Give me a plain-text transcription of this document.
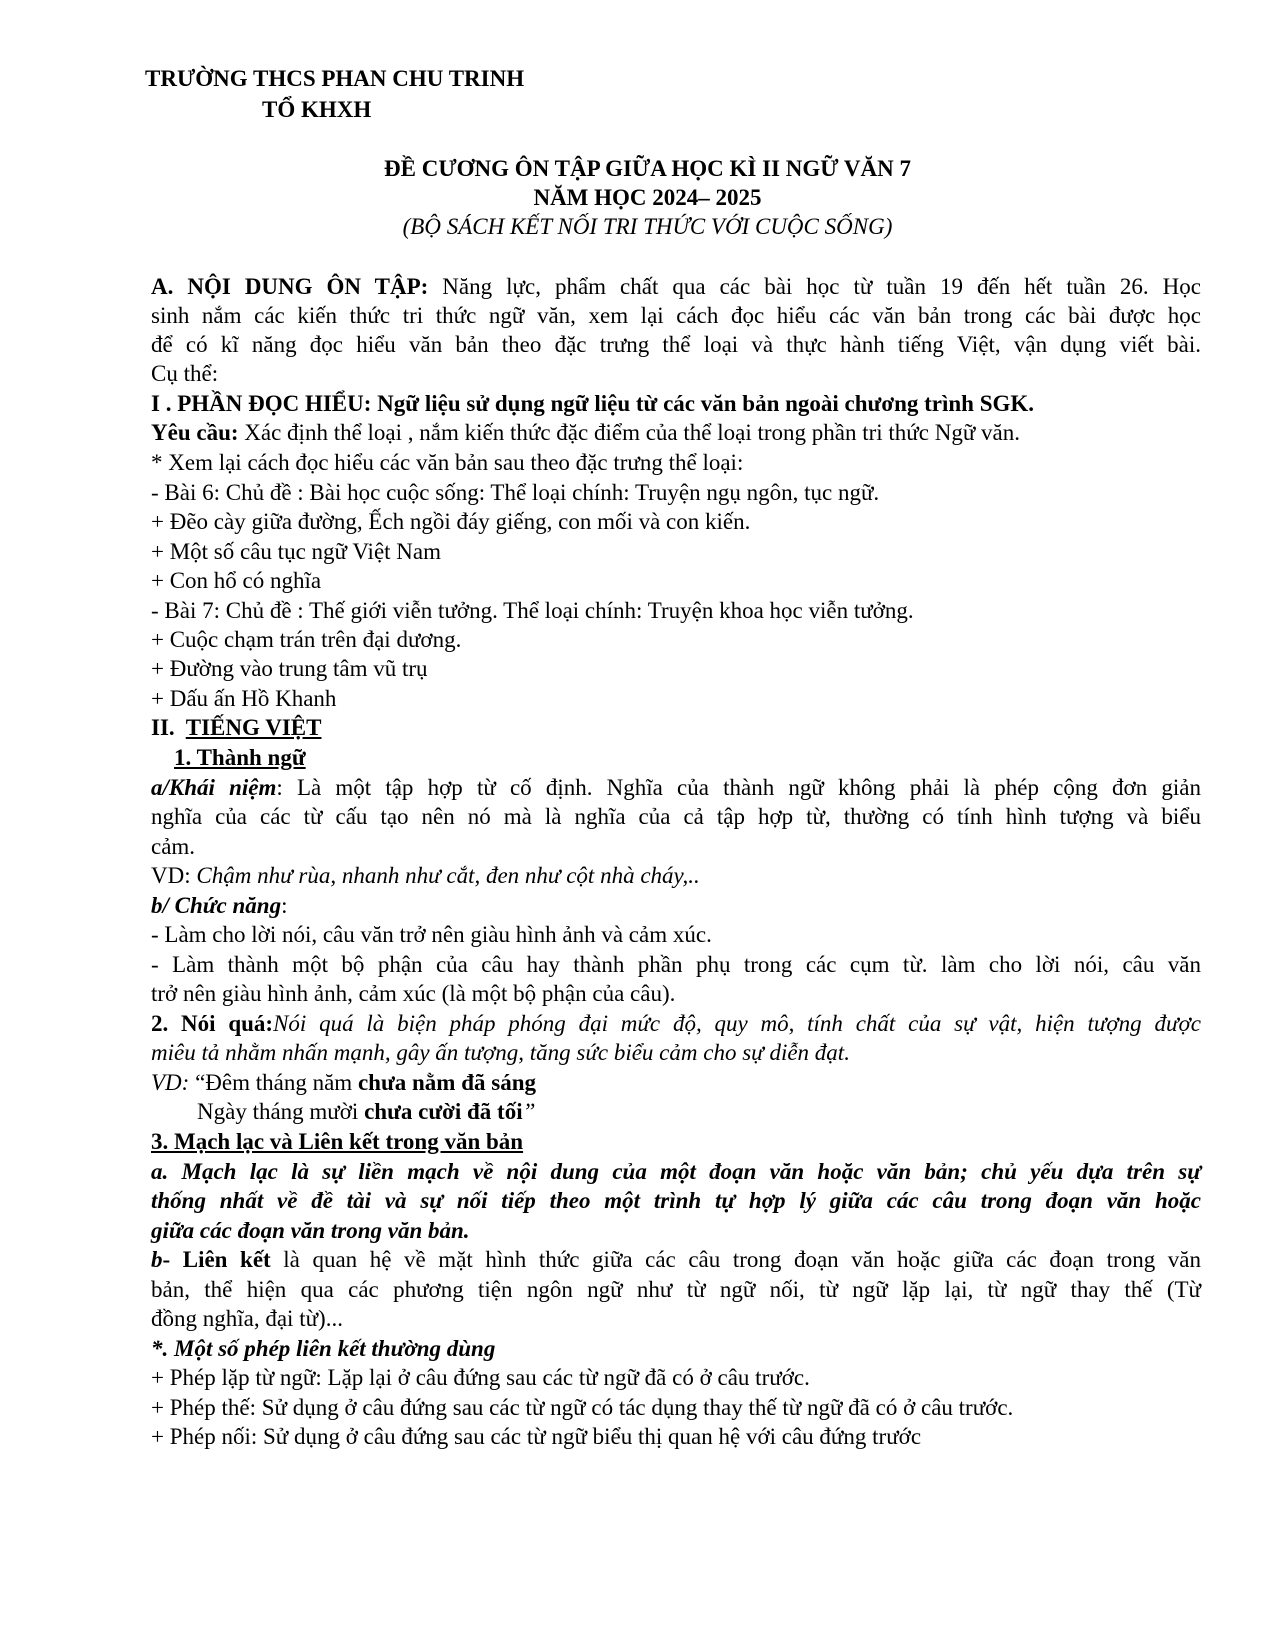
TRƯỜNG THCS PHAN CHU TRINH
TỔ KHXH
ĐỀ CƯƠNG ÔN TẬP GIỮA HỌC KÌ II NGỮ VĂN 7
NĂM HỌC 2024– 2025
(BỘ SÁCH KẾT NỐI TRI THỨC VỚI CUỘC SỐNG)
A. NỘI DUNG ÔN TẬP: Năng lực, phẩm chất qua các bài học từ tuần 19 đến hết tuần 26. Học
sinh nắm các kiến thức tri thức ngữ văn, xem lại cách đọc hiểu các văn bản trong các bài được học
để có kĩ năng đọc hiểu văn bản theo đặc trưng thể loại và thực hành tiếng Việt, vận dụng viết bài.
Cụ thể:
I . PHẦN ĐỌC HIỂU: Ngữ liệu sử dụng ngữ liệu từ các văn bản ngoài chương trình SGK.
Yêu cầu: Xác định thể loại , nắm kiến thức đặc điểm của thể loại trong phần tri thức Ngữ văn.
* Xem lại cách đọc hiểu các văn bản sau theo đặc trưng thể loại:
- Bài 6: Chủ đề : Bài học cuộc sống: Thể loại chính: Truyện ngụ ngôn, tục ngữ.
+ Đẽo cày giữa đường, Ếch ngồi đáy giếng, con mối và con kiến.
+ Một số câu tục ngữ Việt Nam
+ Con hổ có nghĩa
- Bài 7: Chủ đề : Thế giới viễn tưởng. Thể loại chính: Truyện khoa học viễn tưởng.
+ Cuộc chạm trán trên đại dương.
+ Đường vào trung tâm vũ trụ
+ Dấu ấn Hồ Khanh
II.  TIẾNG VIỆT
1. Thành ngữ
a/Khái niệm: Là một tập hợp từ cố định. Nghĩa của thành ngữ không phải là phép cộng đơn giản
nghĩa của các từ cấu tạo nên nó mà là nghĩa của cả tập hợp từ, thường có tính hình tượng và biểu
cảm.
VD: Chậm như rùa, nhanh như cắt, đen như cột nhà cháy,..
b/ Chức năng:
- Làm cho lời nói, câu văn trở nên giàu hình ảnh và cảm xúc.
- Làm thành một bộ phận của câu hay thành phần phụ trong các cụm từ. làm cho lời nói, câu văn
trở nên giàu hình ảnh, cảm xúc (là một bộ phận của câu).
2. Nói quá:Nói quá là biện pháp phóng đại mức độ, quy mô, tính chất của sự vật, hiện tượng được
miêu tả nhằm nhấn mạnh, gây ấn tượng, tăng sức biểu cảm cho sự diễn đạt.
VD: “Đêm tháng năm chưa nằm đã sáng
Ngày tháng mười chưa cười đã tối”
3. Mạch lạc và Liên kết trong văn bản
a. Mạch lạc là sự liền mạch về nội dung của một đoạn văn hoặc văn bản; chủ yếu dựa trên sự
thống nhất về đề tài và sự nối tiếp theo một trình tự hợp lý giữa các câu trong đoạn văn hoặc
giữa các đoạn văn trong văn bản.
b- Liên kết là quan hệ về mặt hình thức giữa các câu trong đoạn văn hoặc giữa các đoạn trong văn
bản, thể hiện qua các phương tiện ngôn ngữ như từ ngữ nối, từ ngữ lặp lại, từ ngữ thay thế (Từ
đồng nghĩa, đại từ)...
*. Một số phép liên kết thường dùng
+ Phép lặp từ ngữ: Lặp lại ở câu đứng sau các từ ngữ đã có ở câu trước.
+ Phép thế: Sử dụng ở câu đứng sau các từ ngữ có tác dụng thay thế từ ngữ đã có ở câu trước.
+ Phép nối: Sử dụng ở câu đứng sau các từ ngữ biểu thị quan hệ với câu đứng trước
